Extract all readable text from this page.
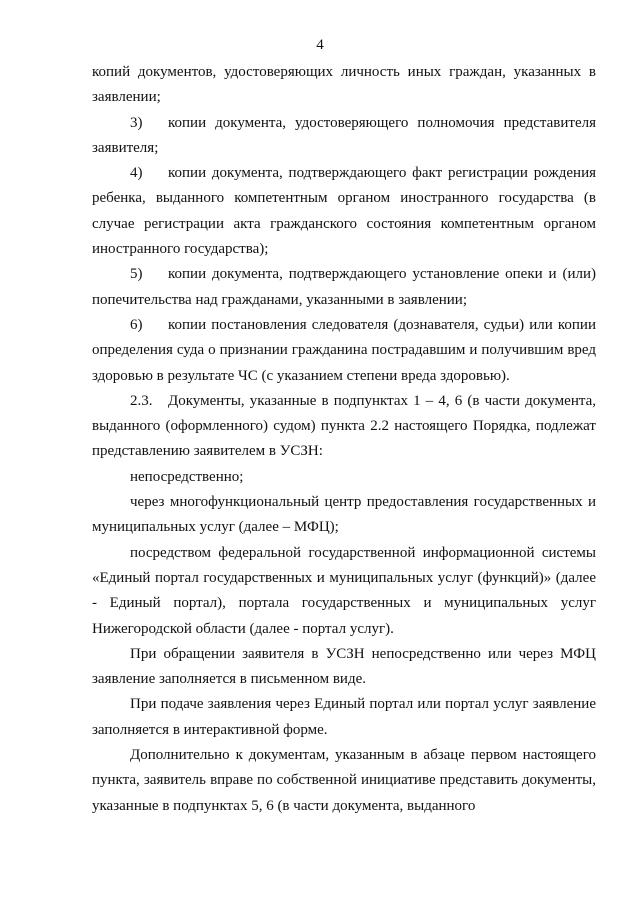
4

копий документов, удостоверяющих личность иных граждан, указанных в заявлении;

3) копии документа, удостоверяющего полномочия представителя заявителя;

4) копии документа, подтверждающего факт регистрации рождения ребенка, выданного компетентным органом иностранного государства (в случае регистрации акта гражданского состояния компетентным органом иностранного государства);

5) копии документа, подтверждающего установление опеки и (или) попечительства над гражданами, указанными в заявлении;

6) копии постановления следователя (дознавателя, судьи) или копии определения суда о признании гражданина пострадавшим и получившим вред здоровью в результате ЧС (с указанием степени вреда здоровью).

2.3. Документы, указанные в подпунктах 1 – 4, 6 (в части документа, выданного (оформленного) судом) пункта 2.2 настоящего Порядка, подлежат представлению заявителем в УСЗН:

непосредственно;

через многофункциональный центр предоставления государственных и муниципальных услуг (далее – МФЦ);

посредством федеральной государственной информационной системы «Единый портал государственных и муниципальных услуг (функций)» (далее - Единый портал), портала государственных и муниципальных услуг Нижегородской области (далее - портал услуг).

При обращении заявителя в УСЗН непосредственно или через МФЦ заявление заполняется в письменном виде.

При подаче заявления через Единый портал или портал услуг заявление заполняется в интерактивной форме.

Дополнительно к документам, указанным в абзаце первом настоящего пункта, заявитель вправе по собственной инициативе представить документы, указанные в подпунктах 5, 6 (в части документа, выданного
